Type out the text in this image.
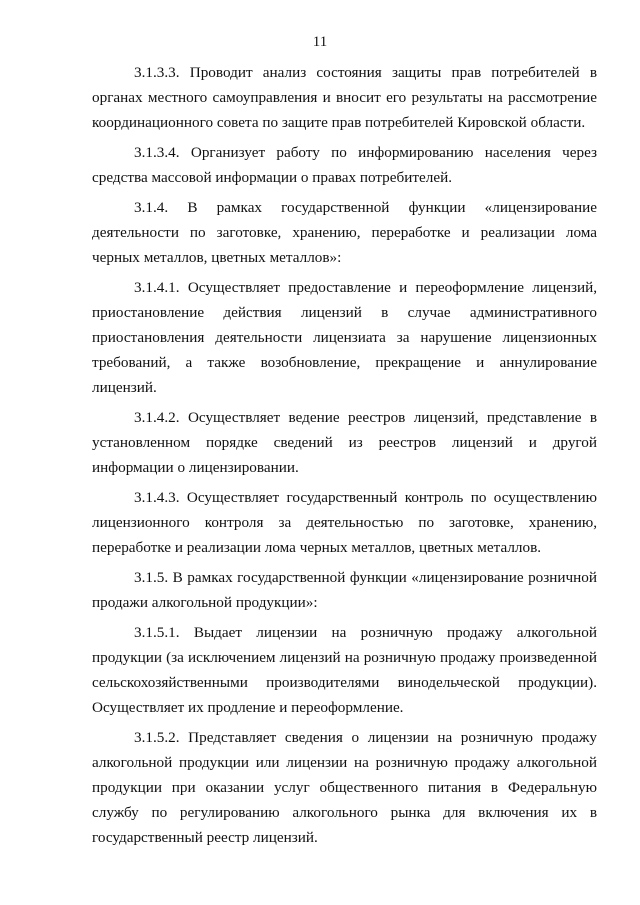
11

3.1.3.3. Проводит анализ состояния защиты прав потребителей в органах местного самоуправления и вносит его результаты на рассмотрение координационного совета по защите прав потребителей Кировской области.

3.1.3.4. Организует работу по информированию населения через средства массовой информации о правах потребителей.

3.1.4. В рамках государственной функции «лицензирование деятельности по заготовке, хранению, переработке и реализации лома черных металлов, цветных металлов»:

3.1.4.1. Осуществляет предоставление и переоформление лицензий, приостановление действия лицензий в случае административного приостановления деятельности лицензиата за нарушение лицензионных требований, а также возобновление, прекращение и аннулирование лицензий.

3.1.4.2. Осуществляет ведение реестров лицензий, представление в установленном порядке сведений из реестров лицензий и другой информации о лицензировании.

3.1.4.3. Осуществляет государственный контроль по осуществлению лицензионного контроля за деятельностью по заготовке, хранению, переработке и реализации лома черных металлов, цветных металлов.

3.1.5. В рамках государственной функции «лицензирование розничной продажи алкогольной продукции»:

3.1.5.1. Выдает лицензии на розничную продажу алкогольной продукции (за исключением лицензий на розничную продажу произведенной сельскохозяйственными производителями винодельческой продукции). Осуществляет их продление и переоформление.

3.1.5.2. Представляет сведения о лицензии на розничную продажу алкогольной продукции или лицензии на розничную продажу алкогольной продукции при оказании услуг общественного питания в Федеральную службу по регулированию алкогольного рынка для включения их в государственный реестр лицензий.
